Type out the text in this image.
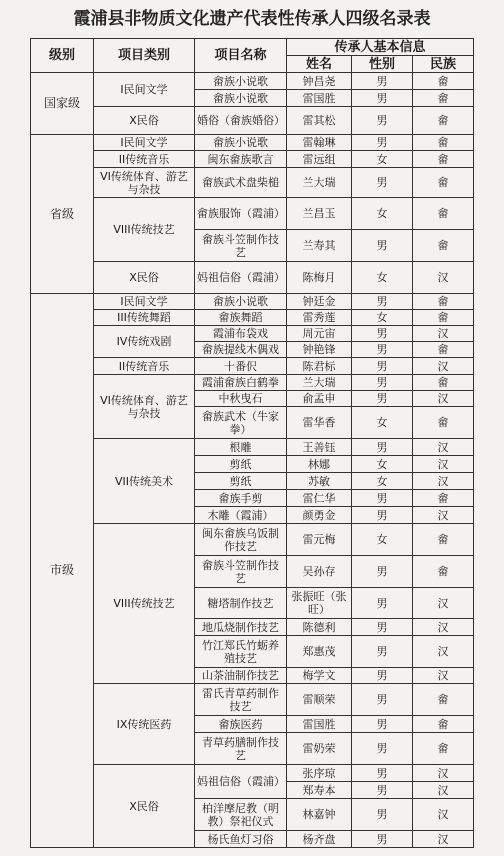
霞浦县非物质文化遗产代表性传承人四级名录表
级别	项目类别	项目名称	传承人基本信息		
			姓名	性别	民族
国家级	I民间文学	畲族小说歌	钟昌尧	男	畲
		畲族小说歌	雷国胜	男	畲
	X民俗	婚俗（畲族婚俗）	雷其松	男	畲
省级	I民间文学	畲族小说歌	雷翰琳	男	畲
	II传统音乐	闽东畲族歌言	雷远组	女	畲
	VI传统体育、游艺与杂技	畲族武术盘柴槌	兰大瑞	男	畲
	VIII传统技艺	畲族服饰（霞浦）	兰昌玉	女	畲
		畲族斗笠制作技艺	兰寿其	男	畲
	X民俗	妈祖信俗（霞浦）	陈梅月	女	汉
市级	I民间文学	畲族小说歌	钟廷金	男	畲
	III传统舞蹈	畲族舞蹈	雷秀莲	女	畲
	IV传统戏剧	霞浦布袋戏	周元宙	男	汉
		畲族提线木偶戏	钟艳锋	男	畲
	II传统音乐	十番伬	陈君标	男	汉
	VI传统体育、游艺与杂技	霞浦畲族白鹤拳	兰大瑞	男	畲
		中秋曳石	俞孟申	男	汉
		畲族武术（牛家拳）	雷华香	女	畲
	VII传统美术	根雕	王善钰	男	汉
		剪纸	林娜	女	汉
		剪纸	苏敏	女	汉
		畲族手剪	雷仁华	男	畲
		木雕（霞浦）	颜勇金	男	汉
	VIII传统技艺	闽东畲族乌饭制作技艺	雷元梅	女	畲
		畲族斗笠制作技艺	吴孙存	男	畲
		糖塔制作技艺	张振旺（张旺）	男	汉
		地瓜烧制作技艺	陈德利	男	汉
		竹江郑氏竹蛎养殖技艺	郑惠茂	男	汉
		山茶油制作技艺	梅学文	男	汉
	IX传统医药	雷氏青草药制作技艺	雷顺荣	男	畲
		畲族医药	雷国胜	男	畲
		青草药膳制作技艺	雷奶荣	男	畲
	X民俗	妈祖信俗（霞浦）	张序琼	男	汉
			郑寿本	男	汉
		柏洋摩尼教（明教）祭祀仪式	林嘉钟	男	汉
		杨氏鱼灯习俗	杨齐盘	男	汉
